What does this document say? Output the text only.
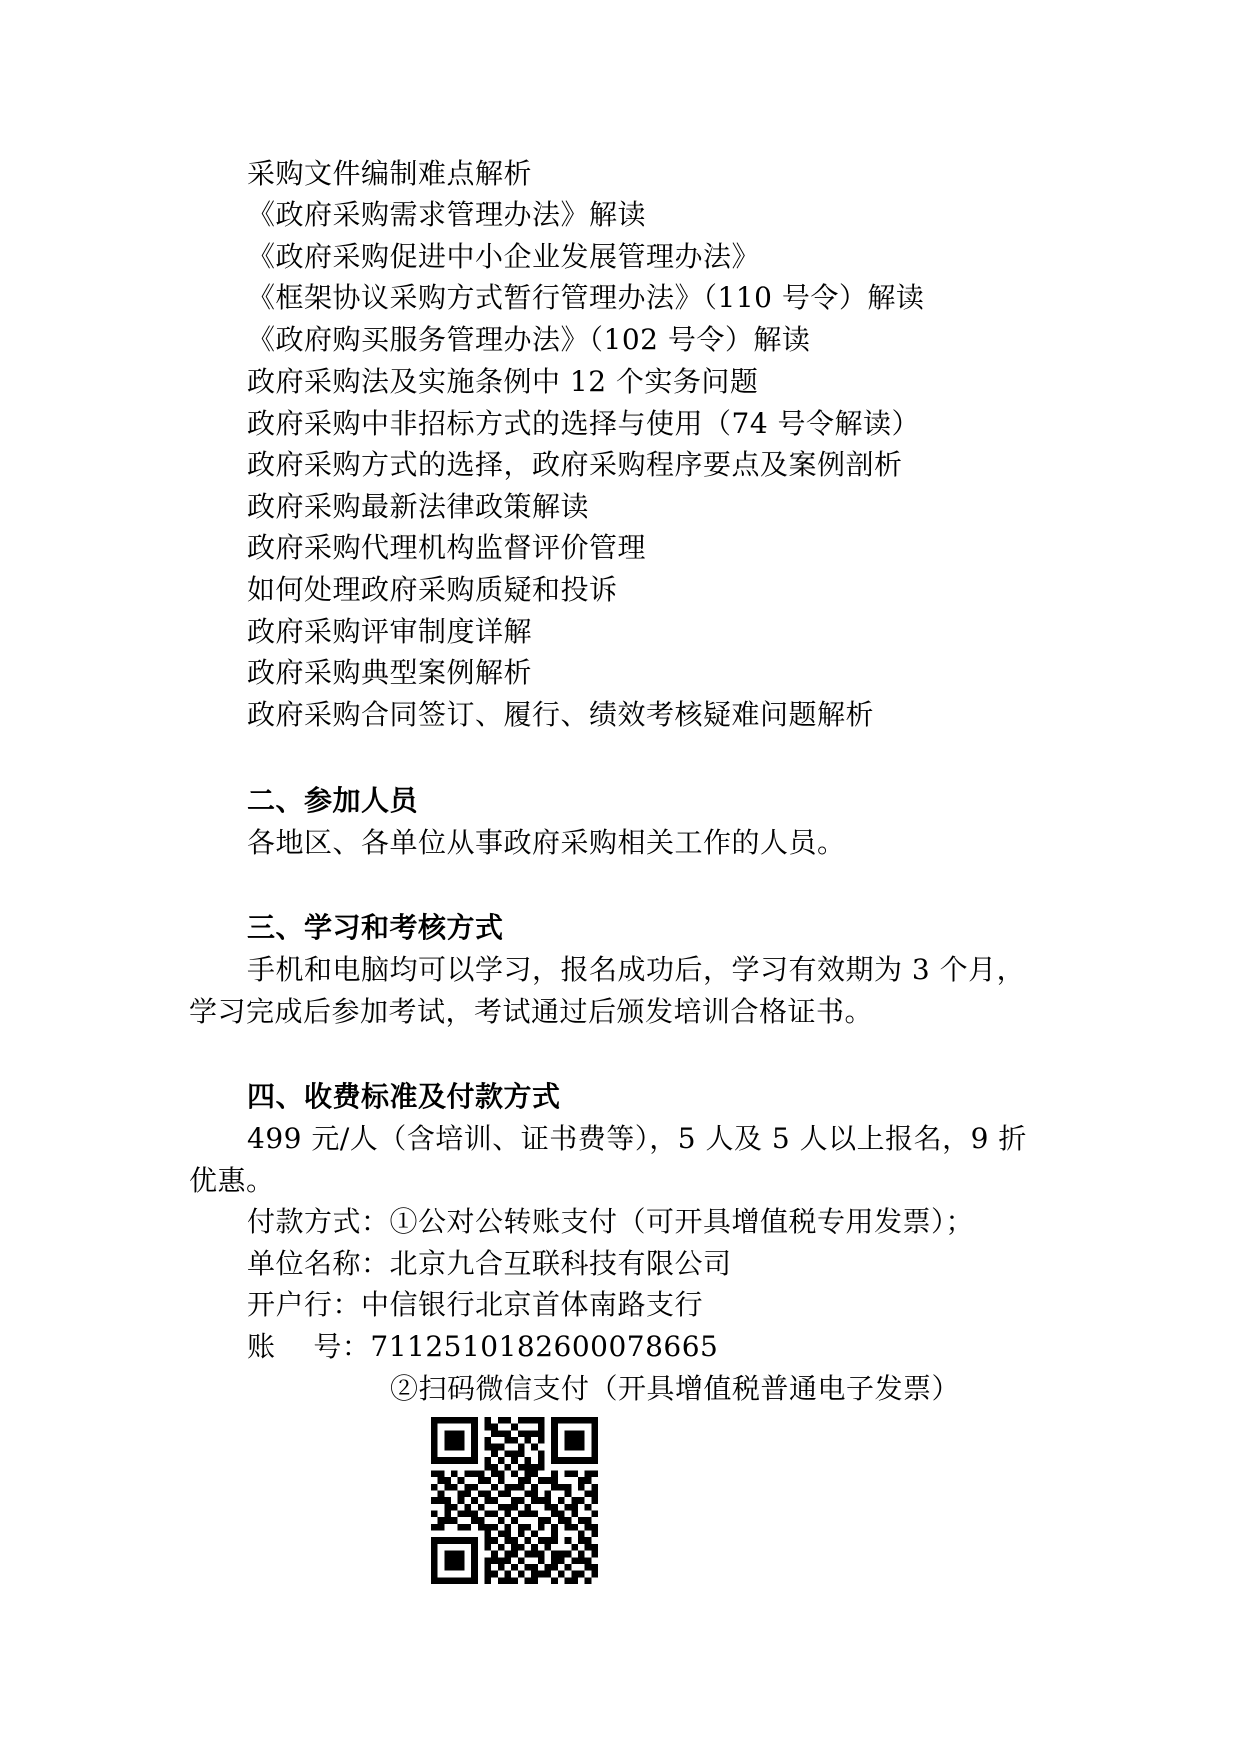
采购文件编制难点解析
《政府采购需求管理办法》解读
《政府采购促进中小企业发展管理办法》
《框架协议采购方式暂行管理办法》（110 号令）解读
《政府购买服务管理办法》（102 号令）解读
政府采购法及实施条例中 12 个实务问题
政府采购中非招标方式的选择与使用（74 号令解读）
政府采购方式的选择，政府采购程序要点及案例剖析
政府采购最新法律政策解读
政府采购代理机构监督评价管理
如何处理政府采购质疑和投诉
政府采购评审制度详解
政府采购典型案例解析
政府采购合同签订、履行、绩效考核疑难问题解析
二、参加人员
各地区、各单位从事政府采购相关工作的人员。
三、学习和考核方式
手机和电脑均可以学习，报名成功后，学习有效期为 3 个月，
学习完成后参加考试，考试通过后颁发培训合格证书。
四、收费标准及付款方式
499 元/人（含培训、证书费等），5 人及 5 人以上报名，9 折
优惠。
付款方式：①公对公转账支付（可开具增值税专用发票）；
单位名称：北京九合互联科技有限公司
开户行：中信银行北京首体南路支行
账　 号：7112510182600078665
②扫码微信支付（开具增值税普通电子发票）
